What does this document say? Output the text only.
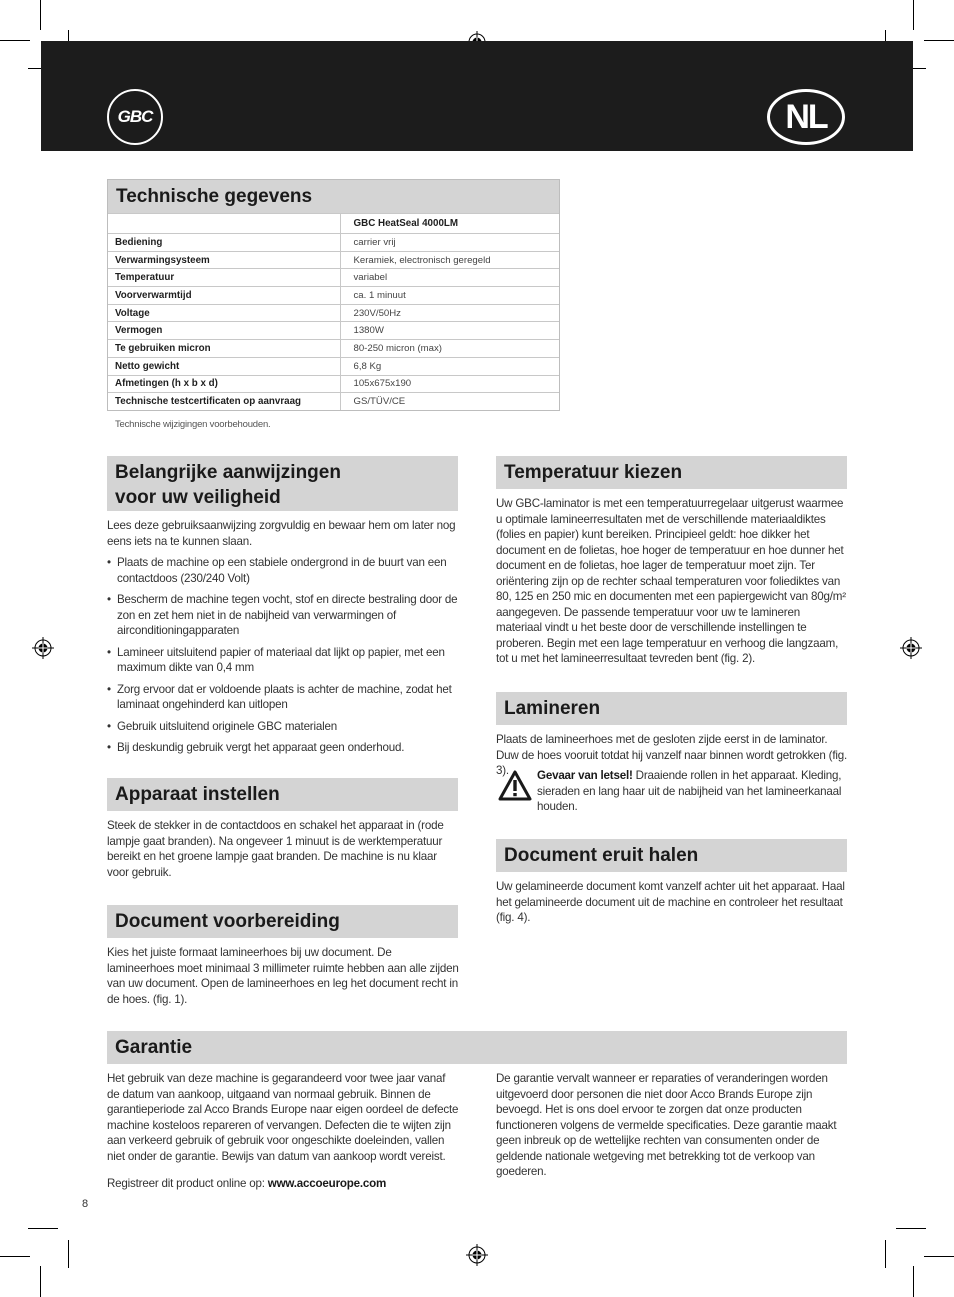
GBC	NL
Technische gegevens
	GBC HeatSeal 4000LM
Bediening	carrier vrij
Verwarmingsysteem	Keramiek, electronisch geregeld
Temperatuur	variabel
Voorverwarmtijd	ca. 1 minuut
Voltage	230V/50Hz
Vermogen	1380W
Te gebruiken micron	80-250 micron (max)
Netto gewicht	6,8 Kg
Afmetingen (h x b x d)	105x675x190
Technische testcertificaten op aanvraag	GS/TÜV/CE
Technische wijzigingen voorbehouden.
Belangrijke aanwijzingen
voor uw veiligheid

Lees deze gebruiksaanwijzing zorgvuldig en bewaar hem om later nog eens iets na te kunnen slaan.

• Plaats de machine op een stabiele ondergrond in de buurt van een contactdoos (230/240 Volt)
• Bescherm de machine tegen vocht, stof en directe bestraling door de zon en zet hem niet in de nabijheid van verwarmingen of airconditioningapparaten
• Lamineer uitsluitend papier of materiaal dat lijkt op papier, met een maximum dikte van 0,4 mm
• Zorg ervoor dat er voldoende plaats is achter de machine, zodat het laminaat ongehinderd kan uitlopen
• Gebruik uitsluitend originele GBC materialen
• Bij deskundig gebruik vergt het apparaat geen onderhoud.
Apparaat instellen
Steek de stekker in de contactdoos en schakel het apparaat in (rode lampje gaat branden). Na ongeveer 1 minuut is de werktemperatuur bereikt en het groene lampje gaat branden. De machine is nu klaar voor gebruik.
Document voorbereiding
Kies het juiste formaat lamineerhoes bij uw document. De lamineerhoes moet minimaal 3 millimeter ruimte hebben aan alle zijden van uw document. Open de lamineerhoes en leg het document recht in de hoes. (fig. 1).
Temperatuur kiezen
Uw GBC-laminator is met een temperatuurregelaar uitgerust waarmee u optimale lamineerresultaten met de verschillende materiaaldiktes (folies en papier) kunt bereiken. Principieel geldt: hoe dikker het document en de folietas, hoe hoger de temperatuur en hoe dunner het document en de folietas, hoe lager de temperatuur moet zijn. Ter oriëntering zijn op de rechter schaal temperaturen voor foliediktes van 80, 125 en 250 mic en documenten met een papiergewicht van 80g/m² aangegeven. De passende temperatuur voor uw te lamineren materiaal vindt u het beste door de verschillende instellingen te proberen. Begin met een lage temperatuur en verhoog die langzaam, tot u met het lamineerresultaat tevreden bent (fig. 2).
Lamineren
Plaats de lamineerhoes met de gesloten zijde eerst in de laminator. Duw de hoes vooruit totdat hij vanzelf naar binnen wordt getrokken (fig. 3).	Gevaar van letsel! Draaiende rollen in het apparaat. Kleding, sieraden en lang haar uit de nabijheid van het lamineerkanaal houden.
Document eruit halen
Uw gelamineerde document komt vanzelf achter uit het apparaat. Haal het gelamineerde document uit de machine en controleer het resultaat (fig. 4).
Garantie
Het gebruik van deze machine is gegarandeerd voor twee jaar vanaf de datum van aankoop, uitgaand van normaal gebruik. Binnen de garantieperiode zal Acco Brands Europe naar eigen oordeel de defecte machine kosteloos repareren of vervangen. Defecten die te wijten zijn aan verkeerd gebruik of gebruik voor ongeschikte doeleinden, vallen niet onder de garantie. Bewijs van datum van aankoop wordt vereist.
Registreer dit product online op: www.accoeurope.com
De garantie vervalt wanneer er reparaties of veranderingen worden uitgevoerd door personen die niet door Acco Brands Europe zijn bevoegd. Het is ons doel ervoor te zorgen dat onze producten functioneren volgens de vermelde specificaties. Deze garantie maakt geen inbreuk op de wettelijke rechten van consumenten onder de geldende nationale wetgeving met betrekking tot de verkoop van goederen.
8
